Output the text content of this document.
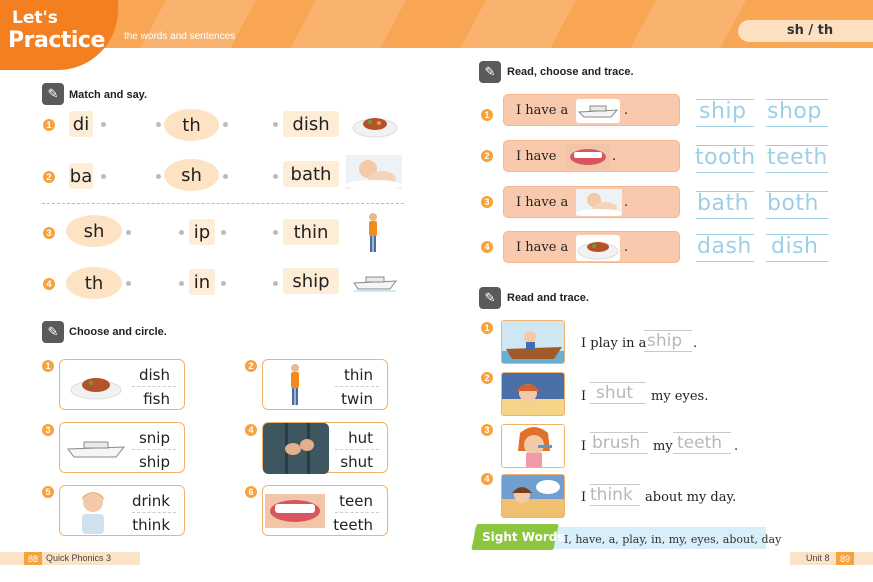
Let's
Practice the words and sentences	sh / th
✎ Match and say.
1 di	th	dish
2 ba	sh	bath
3	sh	ip	thin
4	th	in	ship
✎ Choose and circle.
1	dish
fish
2	thin
twin
3	snip
ship
4	hut
shut
5	drink
think
6	teen
teeth
88 Quick Phonics 3
✎	Read, choose and trace.
1 I have a	.	ship shop
2 I have	.	tooth teeth
3 I have a	.	bath both
4 I have a	.	dash dish
✎	Read and trace.
1
I play in a ship .
2
I shut my eyes.
3
I brush my teeth .
4
I think about my day.
Sight Words I, have, a, play, in, my, eyes, about, day
Unit 8	89
